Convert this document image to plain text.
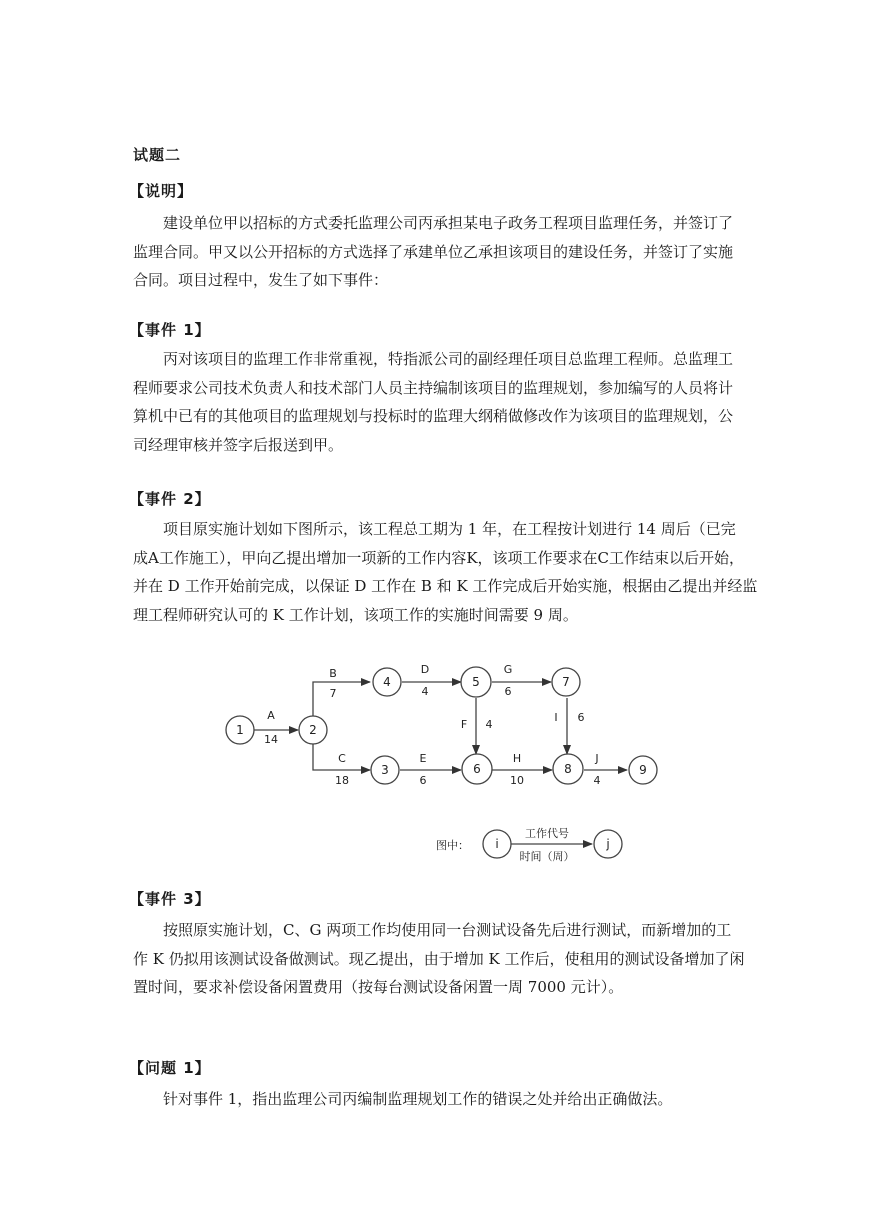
试题二
【说明】
建设单位甲以招标的方式委托监理公司丙承担某电子政务工程项目监理任务，并签订了
监理合同。甲又以公开招标的方式选择了承建单位乙承担该项目的建设任务，并签订了实施
合同。项目过程中，发生了如下事件：
【事件 1】
丙对该项目的监理工作非常重视，特指派公司的副经理任项目总监理工程师。总监理工
程师要求公司技术负责人和技术部门人员主持编制该项目的监理规划，参加编写的人员将计
算机中已有的其他项目的监理规划与投标时的监理大纲稍做修改作为该项目的监理规划，公
司经理审核并签字后报送到甲。
【事件 2】
项目原实施计划如下图所示，该工程总工期为 1 年，在工程按计划进行 14 周后（已完
成A工作施工），甲向乙提出增加一项新的工作内容K，该项工作要求在C工作结束以后开始，
并在 D 工作开始前完成，以保证 D 工作在 B 和 K 工作完成后开始实施，根据由乙提出并经监
理工程师研究认可的 K 工作计划，该项工作的实施时间需要 9 周。
1	2
3
4	5
6
7
8	9
A
14
B
7
C
18
D
4
E
6
F 4
G
6
H
10
I 6
J
4
图中： i	j
工作代号
时间（周）
【事件 3】
按照原实施计划，C、G 两项工作均使用同一台测试设备先后进行测试，而新增加的工
作 K 仍拟用该测试设备做测试。现乙提出，由于增加 K 工作后，使租用的测试设备增加了闲
置时间，要求补偿设备闲置费用（按每台测试设备闲置一周 7000 元计）。
【问题 1】
针对事件 1，指出监理公司丙编制监理规划工作的错误之处并给出正确做法。
